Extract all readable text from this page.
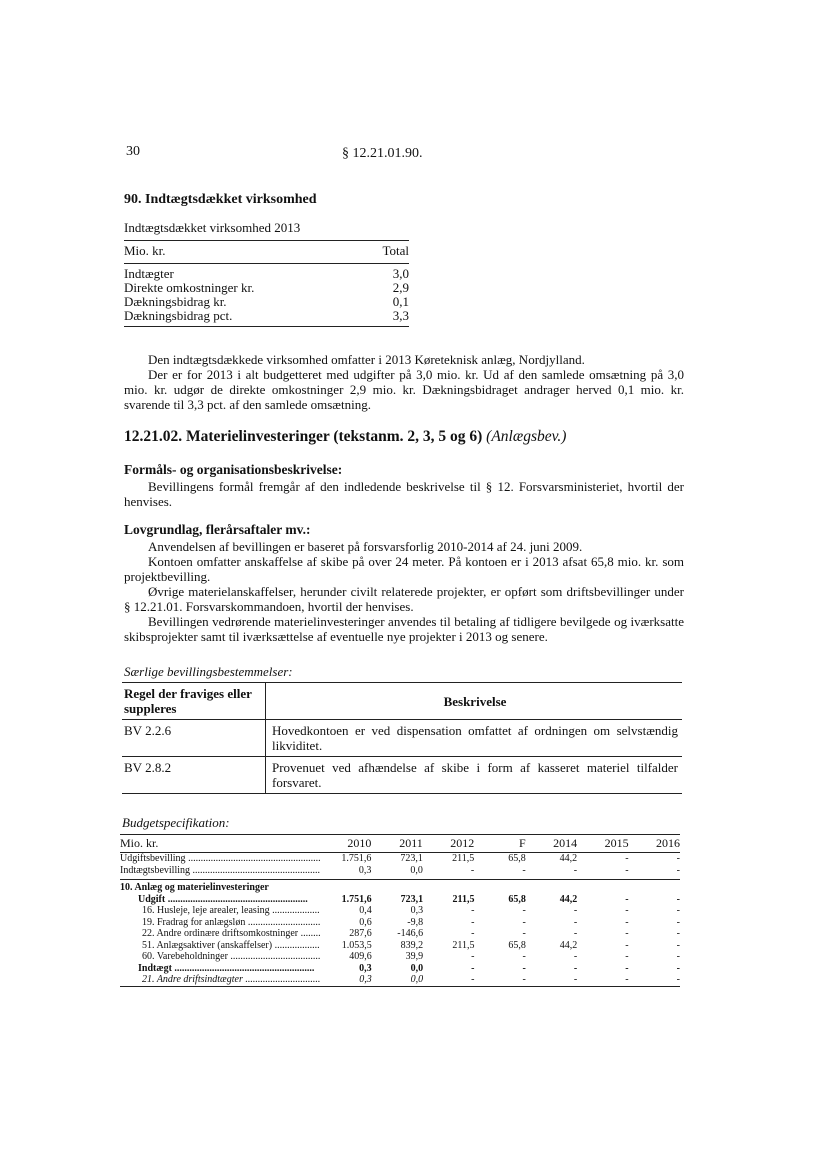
30	§ 12.21.01.90.
90. Indtægtsdækket virksomhed
Indtægtsdækket virksomhed 2013
Mio. kr.	Total
Indtægter	3,0
Direkte omkostninger kr.	2,9
Dækningsbidrag kr.	0,1
Dækningsbidrag pct.	3,3

Den indtægtsdækkede virksomhed omfatter i 2013 Køreteknisk anlæg, Nordjylland.

Der er for 2013 i alt budgetteret med udgifter på 3,0 mio. kr. Ud af den samlede omsætning på 3,0 mio. kr. udgør de direkte omkostninger 2,9 mio. kr. Dækningsbidraget andrager herved 0,1 mio. kr. svarende til 3,3 pct. af den samlede omsætning.

12.21.02. Materielinvesteringer (tekstanm. 2, 3, 5 og 6) (Anlægsbev.)
Formåls- og organisationsbeskrivelse:

Bevillingens formål fremgår af den indledende beskrivelse til § 12. Forsvarsministeriet, hvortil der henvises.

Lovgrundlag, flerårsaftaler mv.:

Anvendelsen af bevillingen er baseret på forsvarsforlig 2010-2014 af 24. juni 2009.

Kontoen omfatter anskaffelse af skibe på over 24 meter. På kontoen er i 2013 afsat 65,8 mio. kr. som projektbevilling.

Øvrige materielanskaffelser, herunder civilt relaterede projekter, er opført som driftsbevillinger under § 12.21.01. Forsvarskommandoen, hvortil der henvises.

Bevillingen vedrørende materielinvesteringer anvendes til betaling af tidligere bevilgede og iværksatte skibsprojekter samt til iværksættelse af eventuelle nye projekter i 2013 og senere.

Særlige bevillingsbestemmelser:
Regel der fraviges eller suppleres	Beskrivelse
BV 2.2.6	Hovedkontoen er ved dispensation omfattet af ordningen om selvstændig likviditet.
BV 2.8.2	Provenuet ved afhændelse af skibe i form af kasseret materiel tilfalder forsvaret.
Budgetspecifikation:
Mio. kr.	2010	2011	2012	F	2014	2015	2016
Udgiftsbevilling .....	1.751,6	723,1	211,5	65,8	44,2	-	-
Indtægtsbevilling .....	0,3	0,0	-	-	-	-	-
10. Anlæg og materielinvesteringer
Udgift .....	1.751,6	723,1	211,5	65,8	44,2	-	-
16. Husleje, leje arealer, leasing .....	0,4	0,3	-	-	-	-	-
19. Fradrag for anlægsløn .....	0,6	-9,8	-	-	-	-	-
22. Andre ordinære driftsomkostninger .....	287,6	-146,6	-	-	-	-	-
51. Anlægsaktiver (anskaffelser) .....	1.053,5	839,2	211,5	65,8	44,2	-	-
60. Varebeholdninger .....	409,6	39,9	-	-	-	-	-
Indtægt .....	0,3	0,0	-	-	-	-	-
21. Andre driftsindtægter .....	0,3	0,0	-	-	-	-	-
